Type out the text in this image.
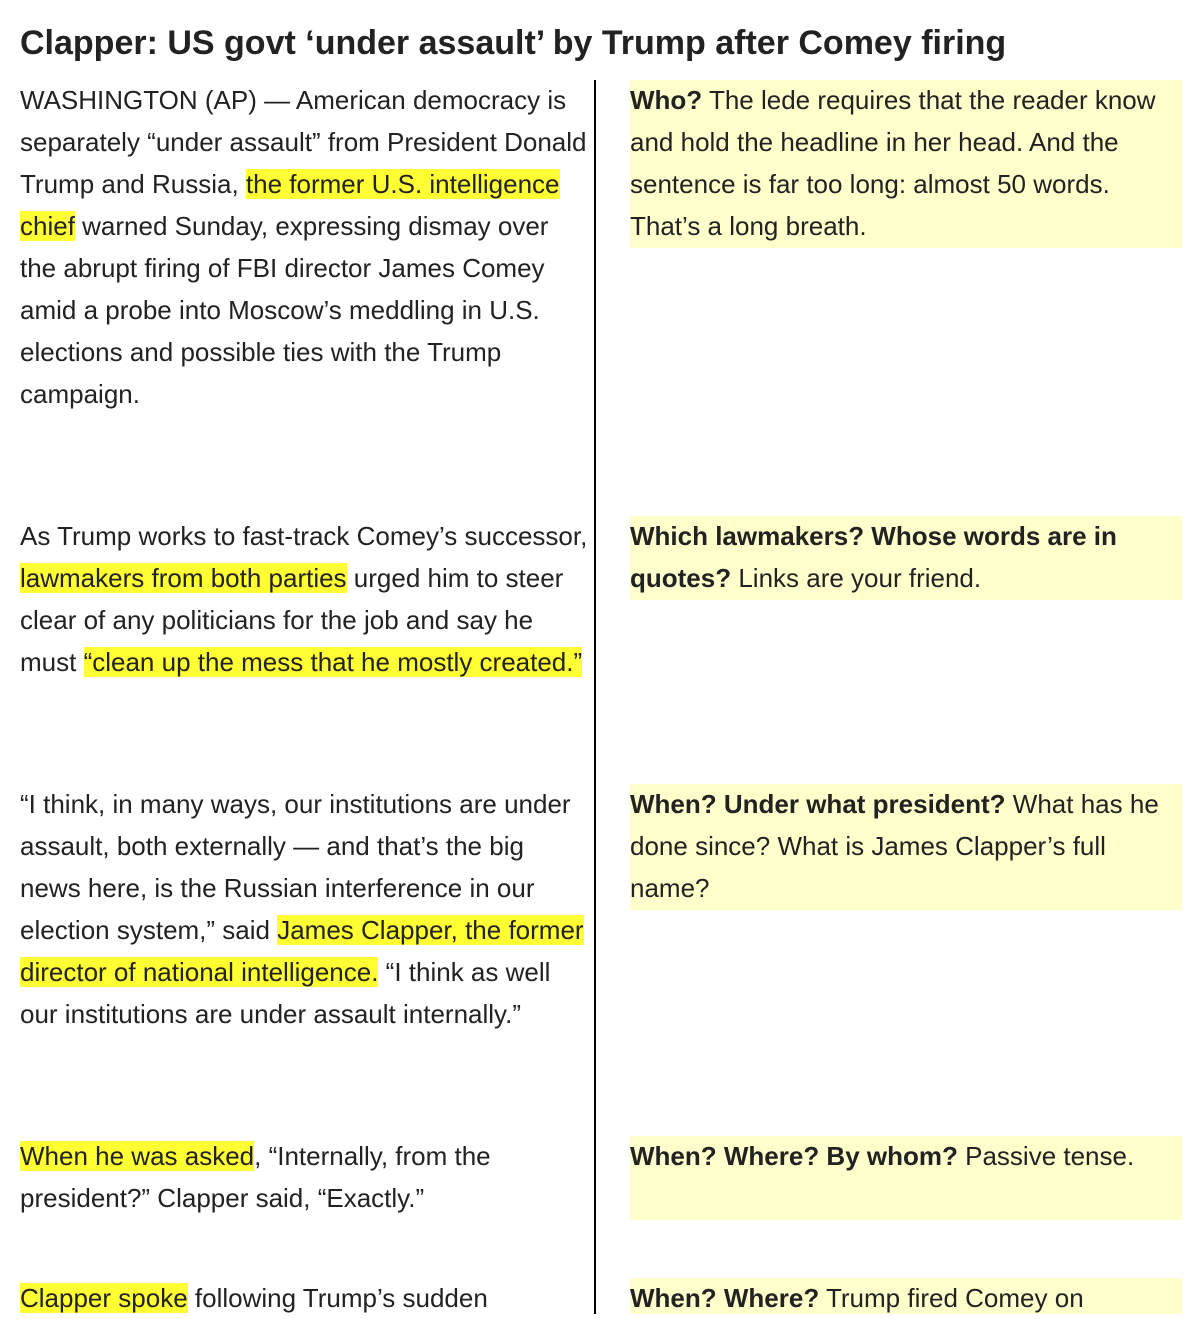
Clapper: US govt ‘under assault’ by Trump after Comey firing

WASHINGTON (AP) — American democracy is separately “under assault” from President Donald Trump and Russia, the former U.S. intelligence chief warned Sunday, expressing dismay over the abrupt firing of FBI director James Comey amid a probe into Moscow’s meddling in U.S. elections and possible ties with the Trump campaign.

As Trump works to fast-track Comey’s successor, lawmakers from both parties urged him to steer clear of any politicians for the job and say he must “clean up the mess that he mostly created.”

“I think, in many ways, our institutions are under assault, both externally — and that’s the big news here, is the Russian interference in our election system,” said James Clapper, the former director of national intelligence. “I think as well our institutions are under assault internally.”

When he was asked, “Internally, from the president?” Clapper said, “Exactly.”

Clapper spoke following Trump’s sudden

Who? The lede requires that the reader know and hold the headline in her head. And the sentence is far too long: almost 50 words. That’s a long breath.

Which lawmakers? Whose words are in quotes? Links are your friend.

When? Under what president? What has he done since? What is James Clapper’s full name?

When? Where? By whom? Passive tense.

When? Where? Trump fired Comey on
